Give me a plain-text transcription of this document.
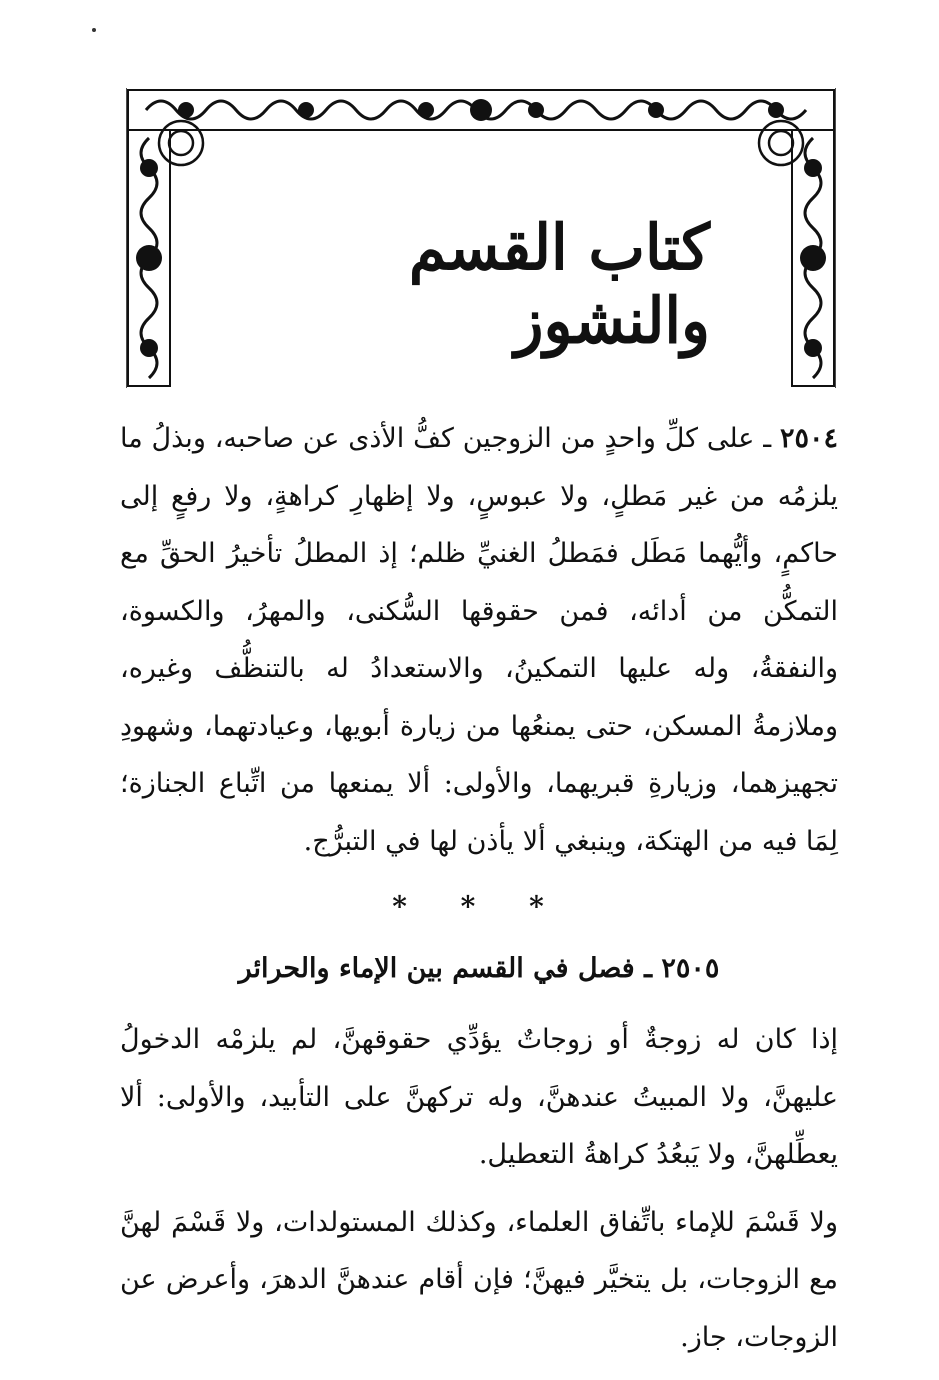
كتاب القسم والنشوز

٢٥٠٤ ـ على كلِّ واحدٍ من الزوجين كفُّ الأذى عن صاحبه، وبذلُ ما يلزمُه من غير مَطلٍ، ولا عبوسٍ، ولا إظهارِ كراهةٍ، ولا رفعٍ إلى حاكمٍ، وأيُّهما مَطَل فمَطلُ الغنيِّ ظلم؛ إذ المطلُ تأخيرُ الحقِّ مع التمكُّن من أدائه، فمن حقوقها السُّكنى، والمهرُ، والكسوة، والنفقةُ، وله عليها التمكينُ، والاستعدادُ له بالتنظُّف وغيره، وملازمةُ المسكن، حتى يمنعُها من زيارة أبويها، وعيادتهما، وشهودِ تجهيزهما، وزيارةِ قبريهما، والأولى: ألا يمنعها من اتِّباع الجنازة؛ لِمَا فيه من الهتكة، وينبغي ألا يأذن لها في التبرُّج.

* * *
٢٥٠٥ ـ فصل في القسم بين الإماء والحرائر

إذا كان له زوجةٌ أو زوجاتٌ يؤدِّي حقوقهنَّ، لم يلزمْه الدخولُ عليهنَّ، ولا المبيتُ عندهنَّ، وله تركهنَّ على التأبيد، والأولى: ألا يعطِّلهنَّ، ولا يَبعُدُ كراهةُ التعطيل.

ولا قَسْمَ للإماء باتِّفاق العلماء، وكذلك المستولدات، ولا قَسْمَ لهنَّ مع الزوجات، بل يتخيَّر فيهنَّ؛ فإن أقام عندهنَّ الدهرَ، وأعرض عن الزوجات، جاز.
